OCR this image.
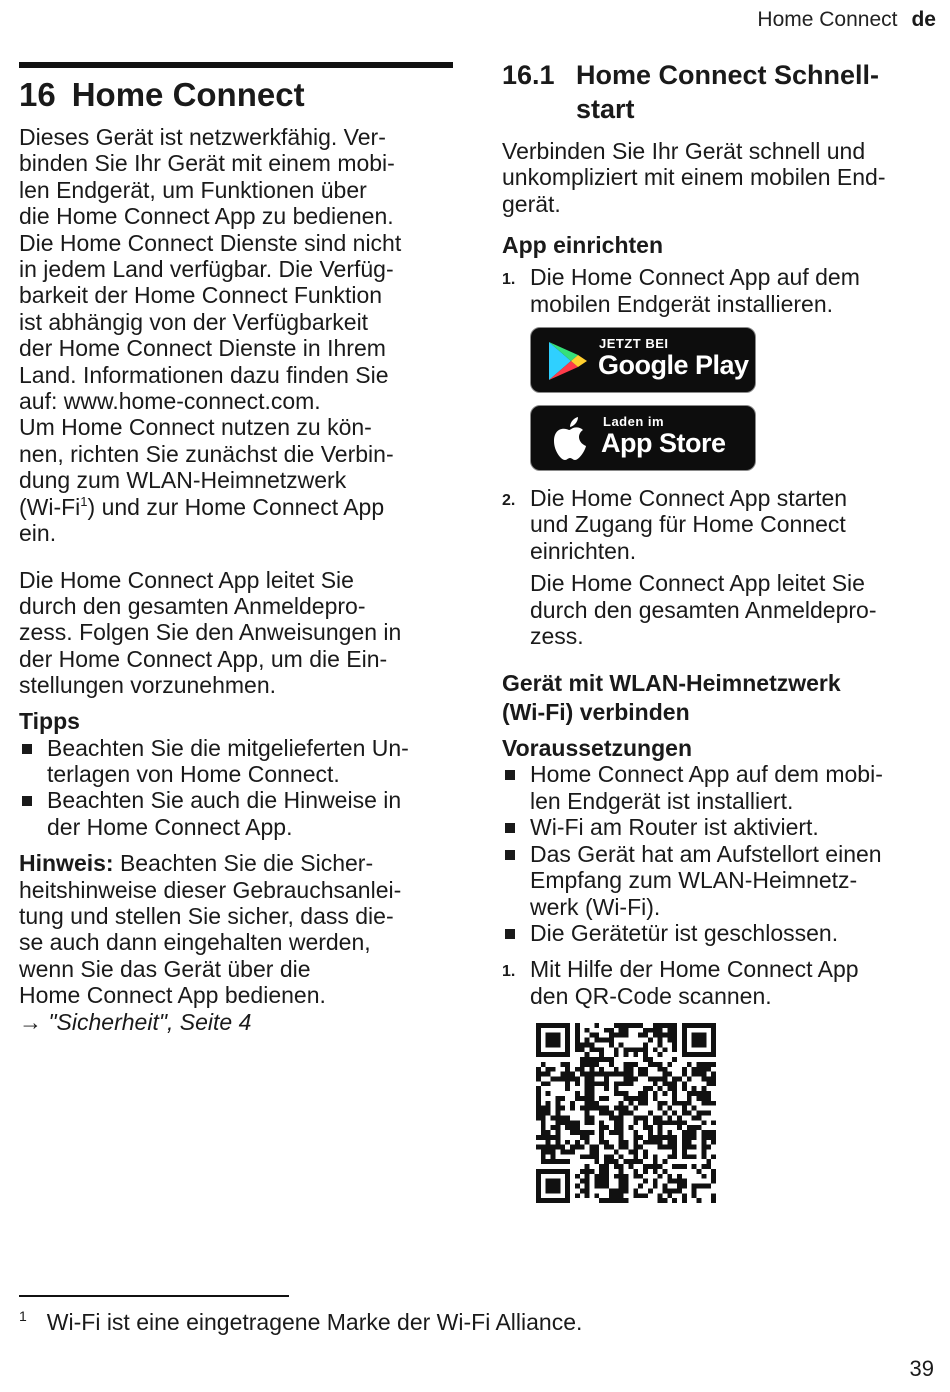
Home Connect de
16 Home Connect

Dieses Gerät ist netzwerkfähig. Ver-

binden Sie Ihr Gerät mit einem mobi-

len Endgerät, um Funktionen über

die Home Connect App zu bedienen.

Die Home Connect Dienste sind nicht

in jedem Land verfügbar. Die Verfüg-

barkeit der Home Connect Funktion

ist abhängig von der Verfügbarkeit

der Home Connect Dienste in Ihrem

Land. Informationen dazu finden Sie

auf: www.home-connect.com.

Um Home Connect nutzen zu kön-

nen, richten Sie zunächst die Verbin-

dung zum WLAN-Heimnetzwerk

(Wi-Fi$^1$) und zur Home Connect App

ein.

Die Home Connect App leitet Sie

durch den gesamten Anmeldepro-

zess. Folgen Sie den Anweisungen in

der Home Connect App, um die Ein-

stellungen vorzunehmen.

Tipps
Beachten Sie die mitgelieferten Un-
terlagen von Home Connect.
Beachten Sie auch die Hinweise in
der Home Connect App.

Hinweis: Beachten Sie die Sicher-

heitshinweise dieser Gebrauchsanlei-

tung und stellen Sie sicher, dass die-

se auch dann eingehalten werden,

wenn Sie das Gerät über die

Home Connect App bedienen.

→ "Sicherheit", Seite 4

16.1 Home Connect Schnell-
start

Verbinden Sie Ihr Gerät schnell und

unkompliziert mit einem mobilen End-

gerät.

App einrichten
1. Die Home Connect App auf dem
mobilen Endgerät installieren.
JETZT BEI
Google Play
Laden im
App Store
2. Die Home Connect App starten
und Zugang für Home Connect
einrichten.
Die Home Connect App leitet Sie
durch den gesamten Anmeldepro-
zess.
Gerät mit WLAN-Heimnetzwerk
(Wi-Fi) verbinden
Voraussetzungen
Home Connect App auf dem mobi-
len Endgerät ist installiert.
Wi-Fi am Router ist aktiviert.
Das Gerät hat am Aufstellort einen
Empfang zum WLAN-Heimnetz-
werk (Wi-Fi).
Die Gerätetür ist geschlossen.
1. Mit Hilfe der Home Connect App
den QR-Code scannen.
$^1$ Wi-Fi ist eine eingetragene Marke der Wi-Fi Alliance.
39
